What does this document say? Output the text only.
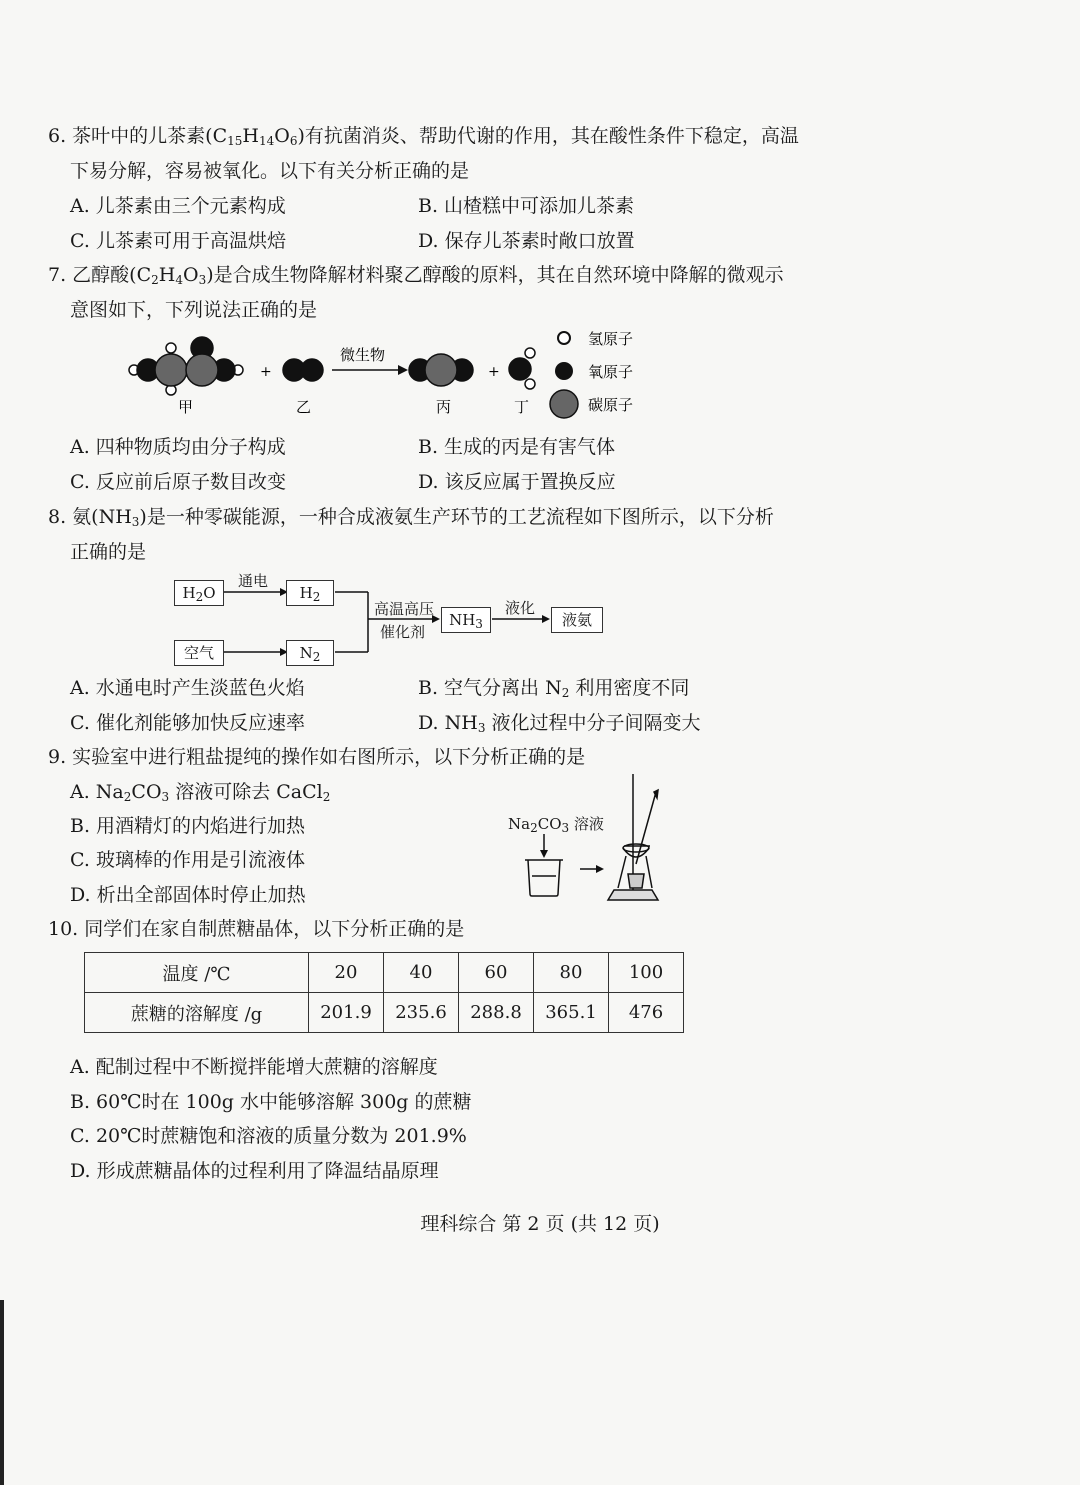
6. 茶叶中的儿茶素$(C_{15}H_{14}O_6)$有抗菌消炎、帮助代谢的作用，其在酸性条件下稳定，高温
下易分解，容易被氧化。以下有关分析正确的是
A. 儿茶素由三个元素构成	B. 山楂糕中可添加儿茶素
C. 儿茶素可用于高温烘焙	D. 保存儿茶素时敞口放置
7. 乙醇酸$(C_2H_4O_3)$是合成生物降解材料聚乙醇酸的原料，其在自然环境中降解的微观示
意图如下，下列说法正确的是
+
微生物
+
甲	乙	丙	丁
氢原子
氧原子
碳原子
A. 四种物质均由分子构成	B. 生成的丙是有害气体
C. 反应前后原子数目改变	D. 该反应属于置换反应
8. 氨$(NH_3)$是一种零碳能源，一种合成液氨生产环节的工艺流程如下图所示，以下分析
正确的是
$H_2O$
通电
$H_2$
空气	$N_2$
高温高压
催化剂
$NH_3$
液化
液氨
A. 水通电时产生淡蓝色火焰	B. 空气分离出 $N_2$ 利用密度不同
C. 催化剂能够加快反应速率	D. $NH_3$ 液化过程中分子间隔变大
9. 实验室中进行粗盐提纯的操作如右图所示，以下分析正确的是
A. $Na_2CO_3$ 溶液可除去 CaCl$_2$
B. 用酒精灯的内焰进行加热
C. 玻璃棒的作用是引流液体
D. 析出全部固体时停止加热
$Na_2CO_3$ 溶液
10. 同学们在家自制蔗糖晶体，以下分析正确的是
温度 /℃	20	40	60	80	100
蔗糖的溶解度 /g	201.9	235.6	288.8	365.1	476
A. 配制过程中不断搅拌能增大蔗糖的溶解度
B. 60℃时在 100g 水中能够溶解 300g 的蔗糖
C. 20℃时蔗糖饱和溶液的质量分数为 201.9%
D. 形成蔗糖晶体的过程利用了降温结晶原理
理科综合 第 2 页 (共 12 页)
